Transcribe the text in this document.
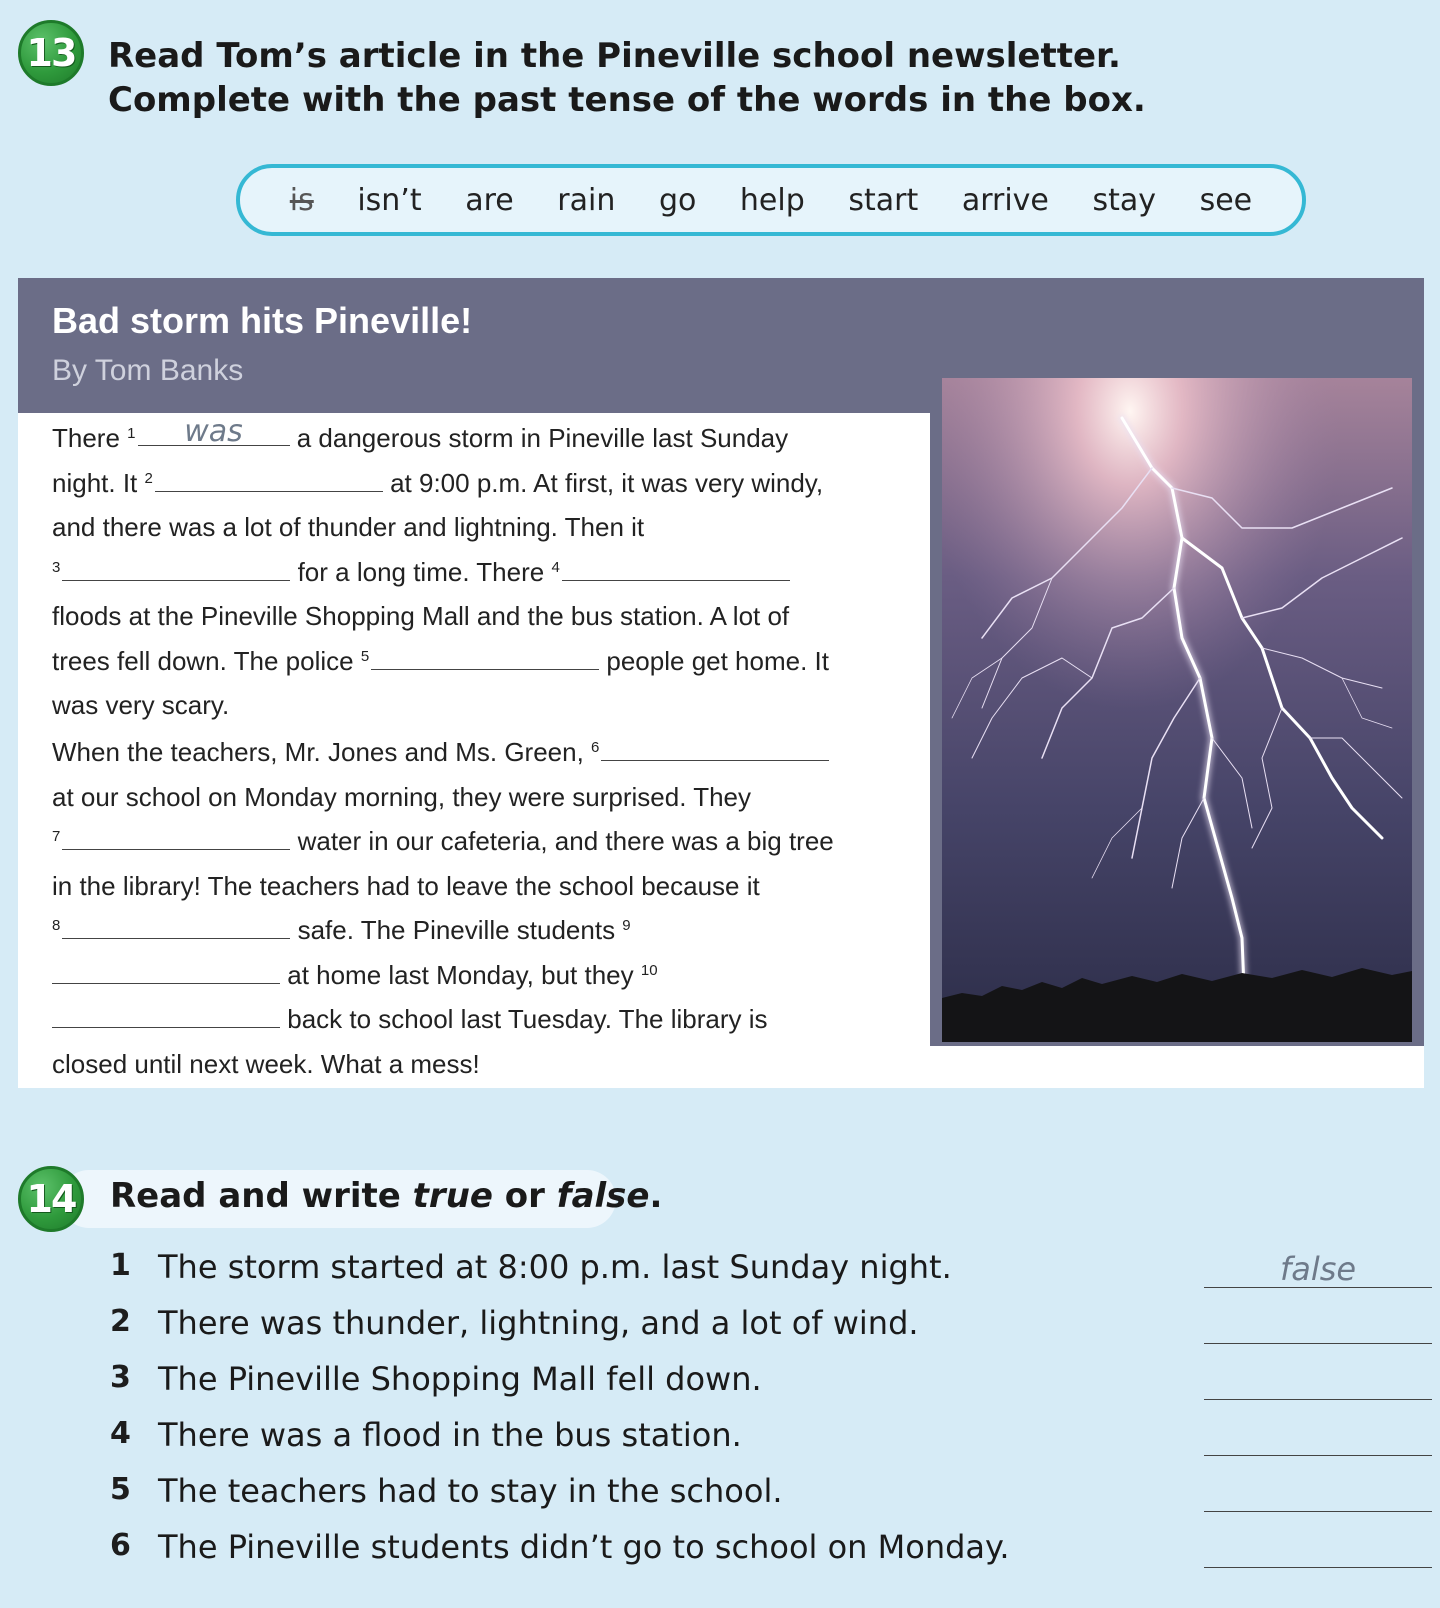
13 Read Tom’s article in the Pineville school newsletter.
Complete with the past tense of the words in the box.
is isn’t are rain go help start arrive stay see
Bad storm hits Pineville!
By Tom Banks
There $^1$ was a dangerous storm in Pineville last Sunday
night. It $^2$	at 9:00 p.m. At first, it was very windy,
and there was a lot of thunder and lightning. Then it
$^3$	for a long time. There $^4$
floods at the Pineville Shopping Mall and the bus station. A lot of
trees fell down. The police $^5$	people get home. It
was very scary.
When the teachers, Mr. Jones and Ms. Green, $^6$
at our school on Monday morning, they were surprised. They
$^7$	water in our cafeteria, and there was a big tree
in the library! The teachers had to leave the school because it
$^8$	safe. The Pineville students $^9$
at home last Monday, but they $^{10}$
back to school last Tuesday. The library is
closed until next week. What a mess!
14 Read and write true or false.
1 The storm started at 8:00 p.m. last Sunday night.	false
2 There was thunder, lightning, and a lot of wind.
3 The Pineville Shopping Mall fell down.
4 There was a flood in the bus station.
5 The teachers had to stay in the school.
6 The Pineville students didn’t go to school on Monday.
